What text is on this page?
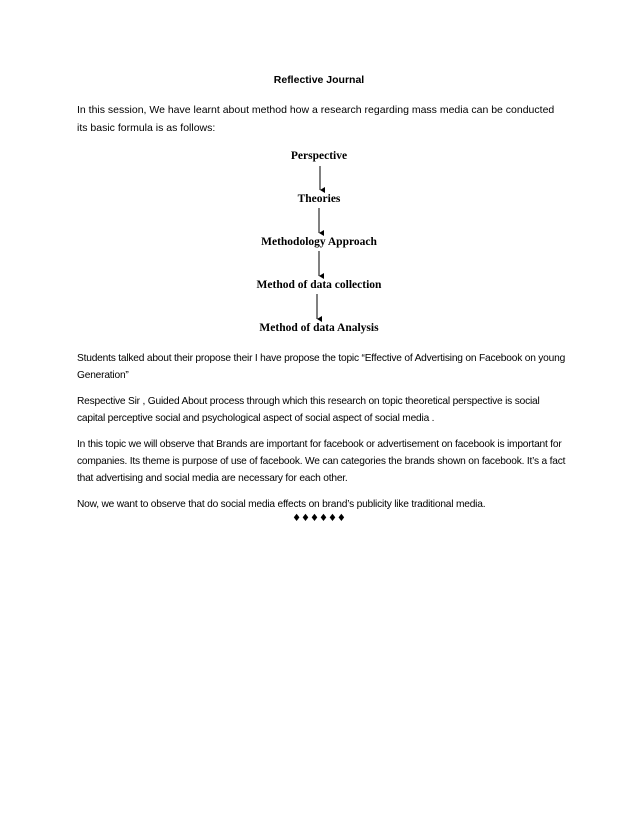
Reflective Journal
In this session, We have learnt about method how a research regarding mass media can be conducted its basic formula is as follows:
Perspective
Theories
Methodology Approach
Method of data collection
Method of data Analysis
Students talked about their propose their I have propose the topic “Effective of Advertising on Facebook on young Generation”
Respective Sir , Guided About process through which this research on topic theoretical perspective is social capital perceptive social and psychological aspect of social aspect of social media .
In this topic we will observe that Brands are important for facebook or advertisement on facebook is important for companies. Its theme is purpose of use of facebook. We can categories the brands shown on facebook. It’s a fact that advertising and social media are necessary for each other.
Now, we want to observe that do social media effects on brand’s publicity like traditional media.
♦♦♦♦♦♦
